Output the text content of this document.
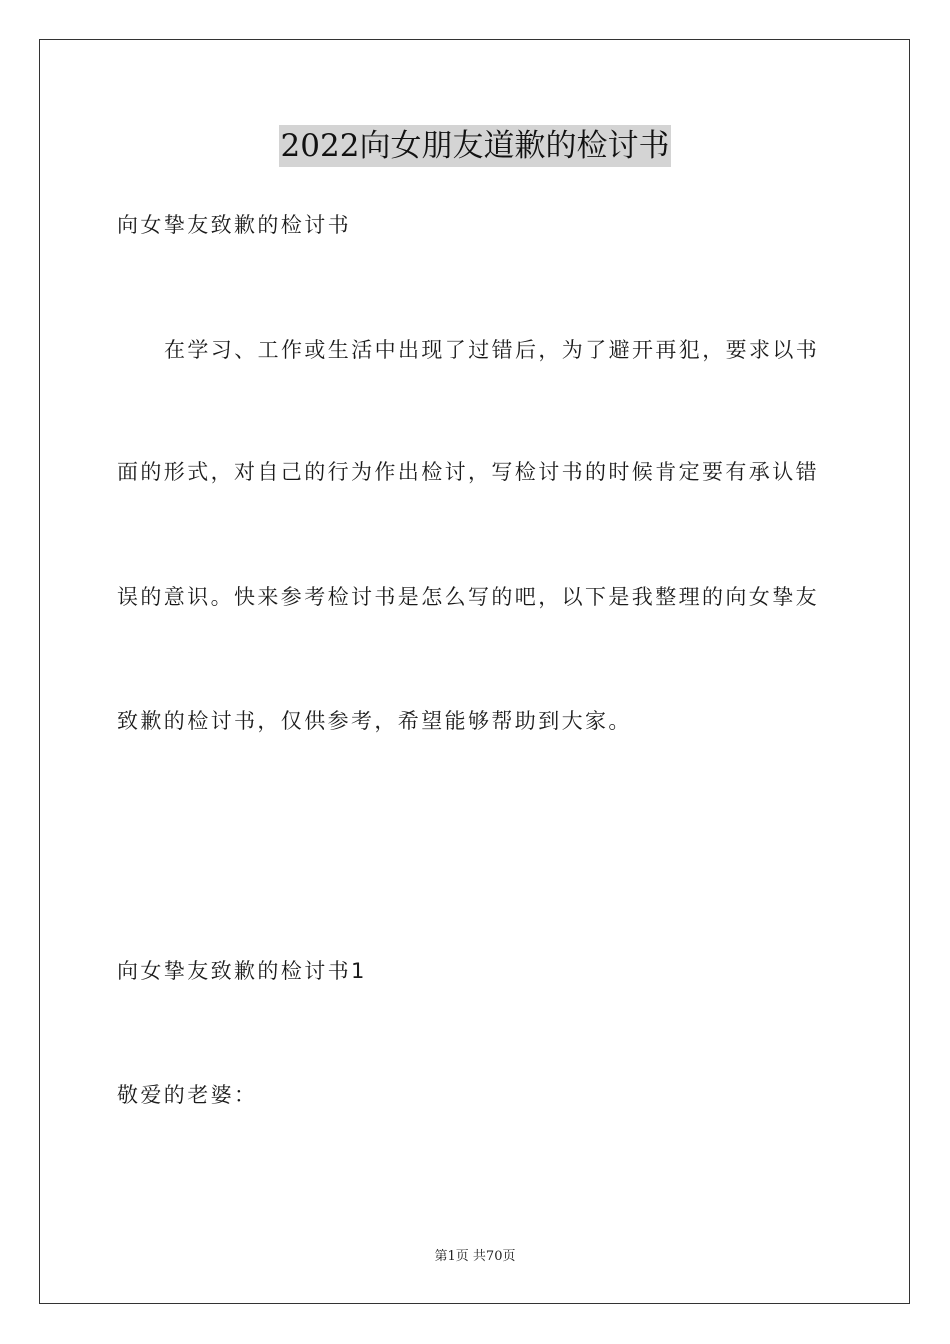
2022向女朋友道歉的检讨书
向女挚友致歉的检讨书
在学习、工作或生活中出现了过错后，为了避开再犯，要求以书
面的形式，对自己的行为作出检讨，写检讨书的时候肯定要有承认错
误的意识。快来参考检讨书是怎么写的吧，以下是我整理的向女挚友
致歉的检讨书，仅供参考，希望能够帮助到大家。
向女挚友致歉的检讨书1
敬爱的老婆：
第1页 共70页
